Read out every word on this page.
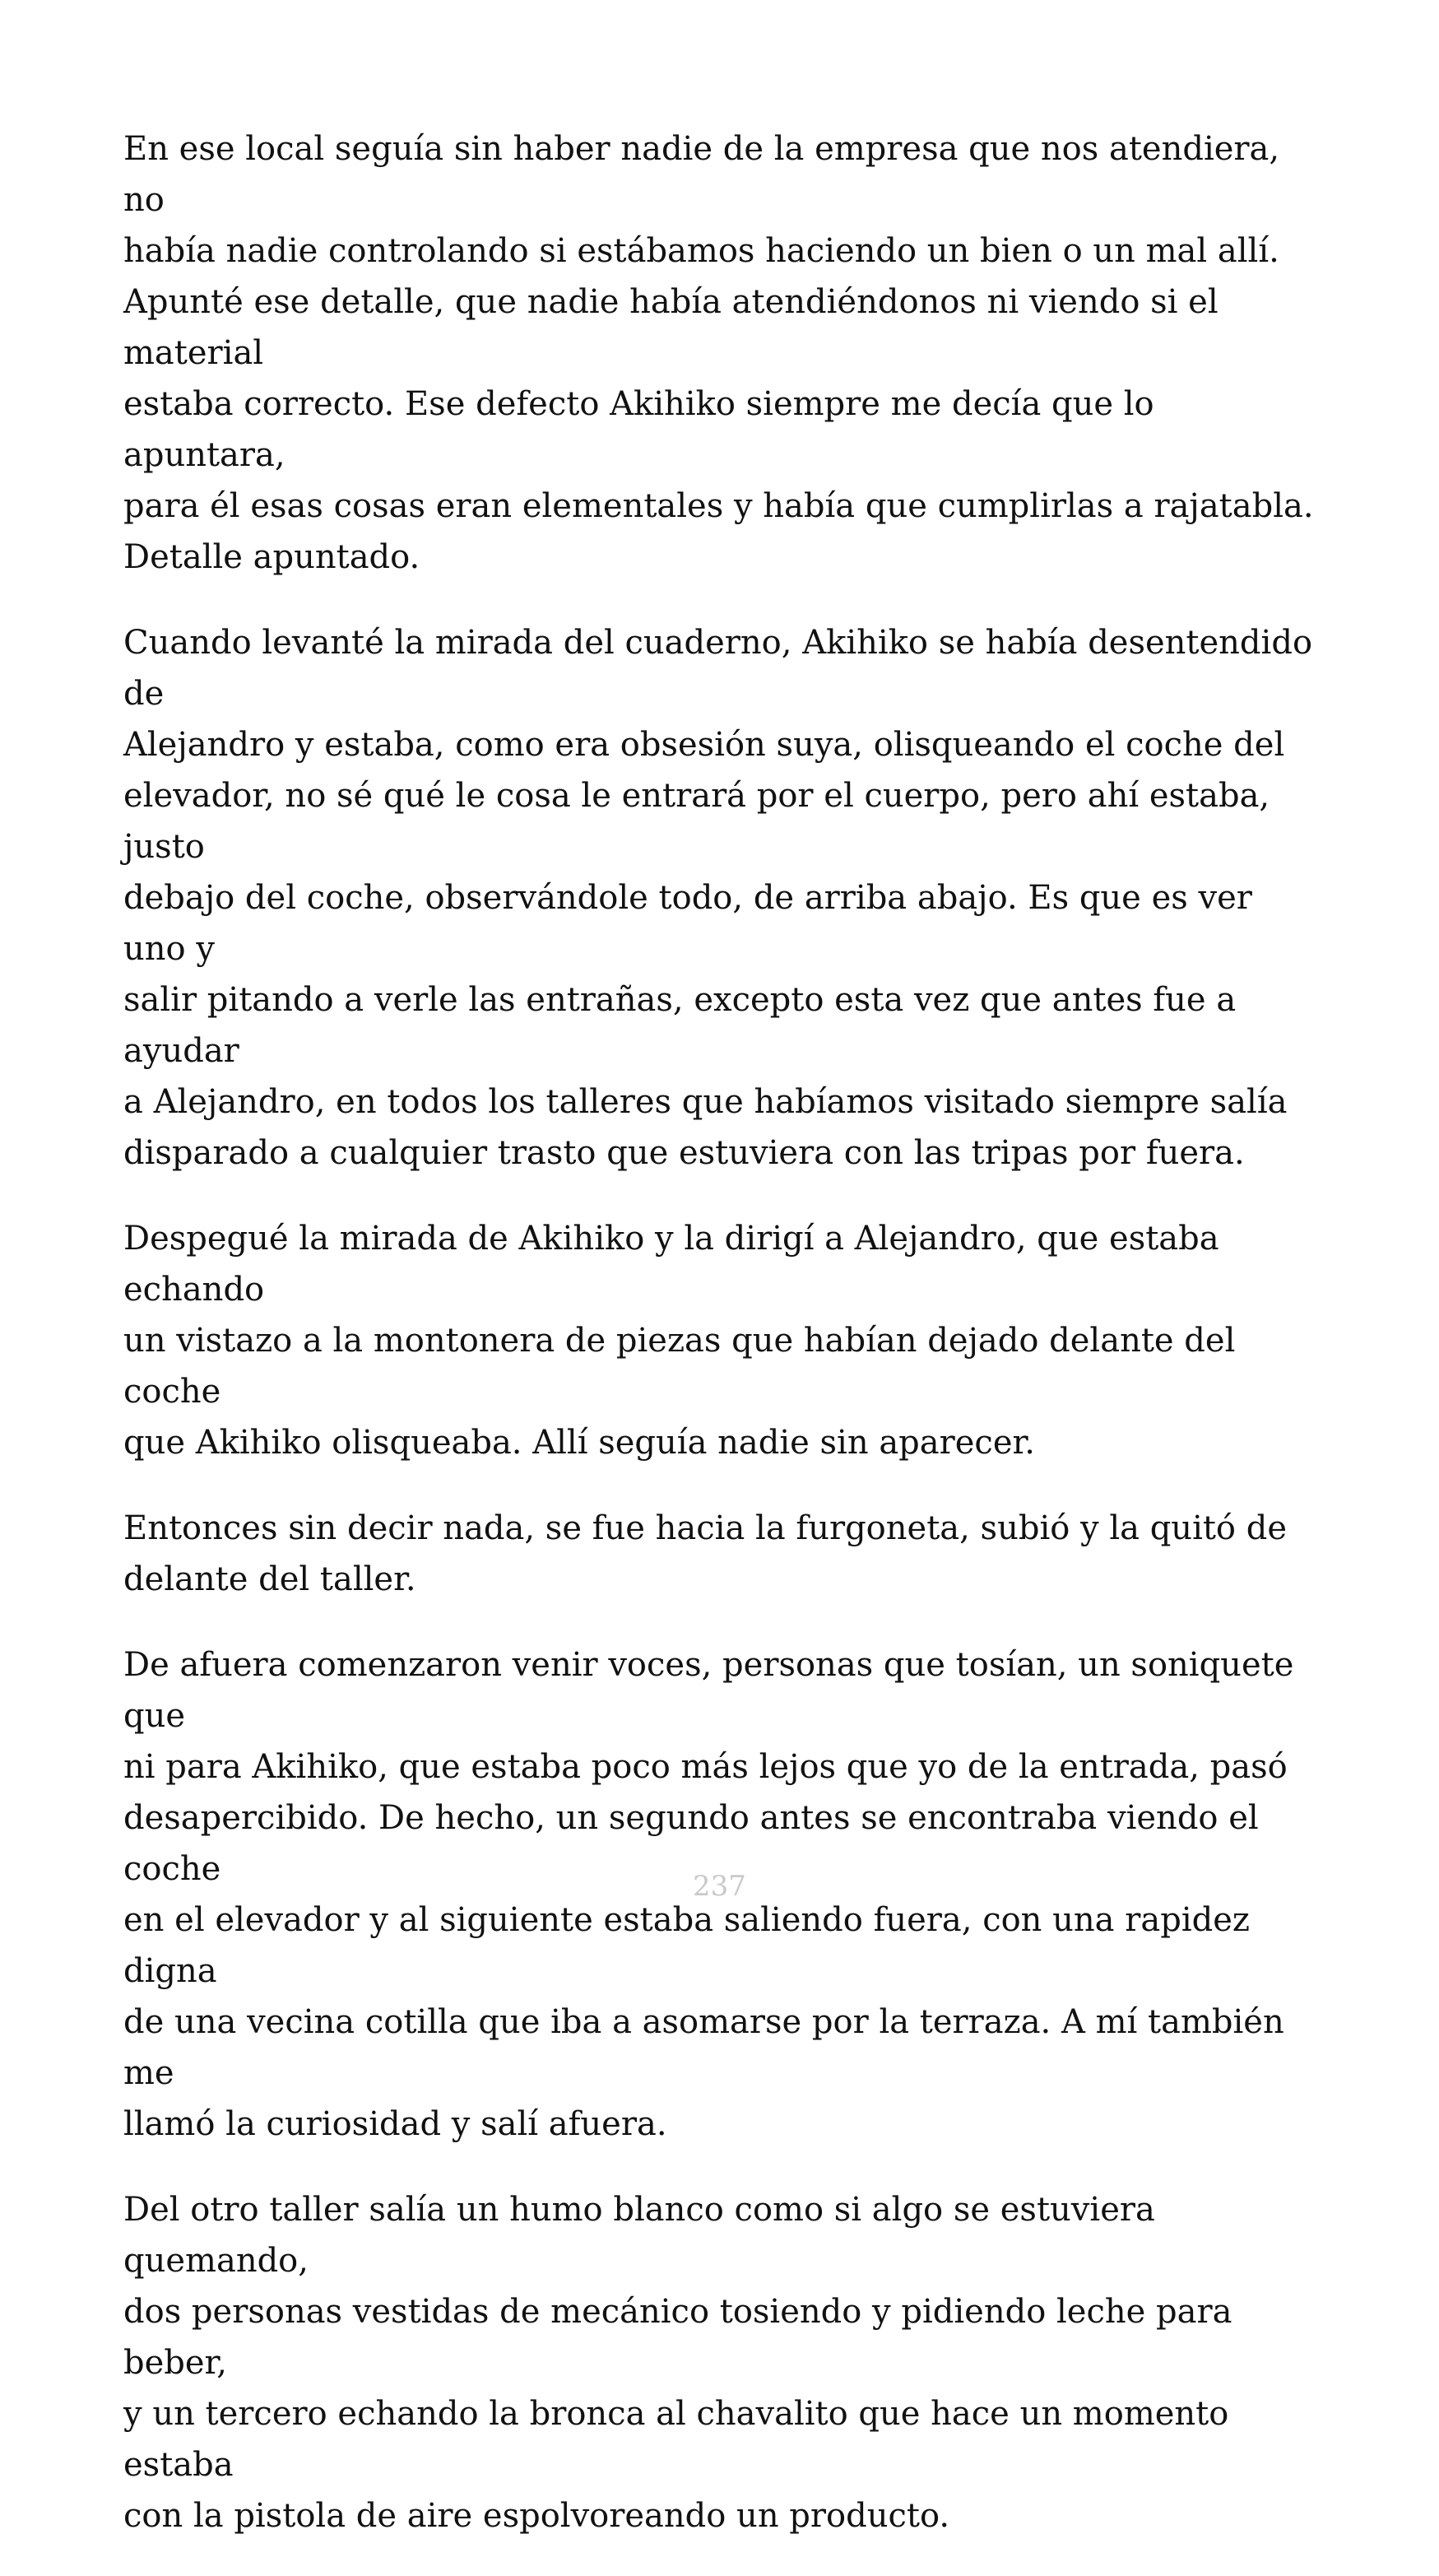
En ese local seguía sin haber nadie de la empresa que nos atendiera, no
había nadie controlando si estábamos haciendo un bien o un mal allí.
Apunté ese detalle, que nadie había atendiéndonos ni viendo si el material
estaba correcto. Ese defecto Akihiko siempre me decía que lo apuntara,
para él esas cosas eran elementales y había que cumplirlas a rajatabla.
Detalle apuntado.

Cuando levanté la mirada del cuaderno, Akihiko se había desentendido de
Alejandro y estaba, como era obsesión suya, olisqueando el coche del
elevador, no sé qué le cosa le entrará por el cuerpo, pero ahí estaba, justo
debajo del coche, observándole todo, de arriba abajo. Es que es ver uno y
salir pitando a verle las entrañas, excepto esta vez que antes fue a ayudar
a Alejandro, en todos los talleres que habíamos visitado siempre salía
disparado a cualquier trasto que estuviera con las tripas por fuera.

Despegué la mirada de Akihiko y la dirigí a Alejandro, que estaba echando
un vistazo a la montonera de piezas que habían dejado delante del coche
que Akihiko olisqueaba. Allí seguía nadie sin aparecer.

Entonces sin decir nada, se fue hacia la furgoneta, subió y la quitó de
delante del taller.

De afuera comenzaron venir voces, personas que tosían, un soniquete que
ni para Akihiko, que estaba poco más lejos que yo de la entrada, pasó
desapercibido. De hecho, un segundo antes se encontraba viendo el coche
en el elevador y al siguiente estaba saliendo fuera, con una rapidez digna
de una vecina cotilla que iba a asomarse por la terraza. A mí también me
llamó la curiosidad y salí afuera.

Del otro taller salía un humo blanco como si algo se estuviera quemando,
dos personas vestidas de mecánico tosiendo y pidiendo leche para beber,
y un tercero echando la bronca al chavalito que hace un momento estaba
con la pistola de aire espolvoreando un producto.

237
